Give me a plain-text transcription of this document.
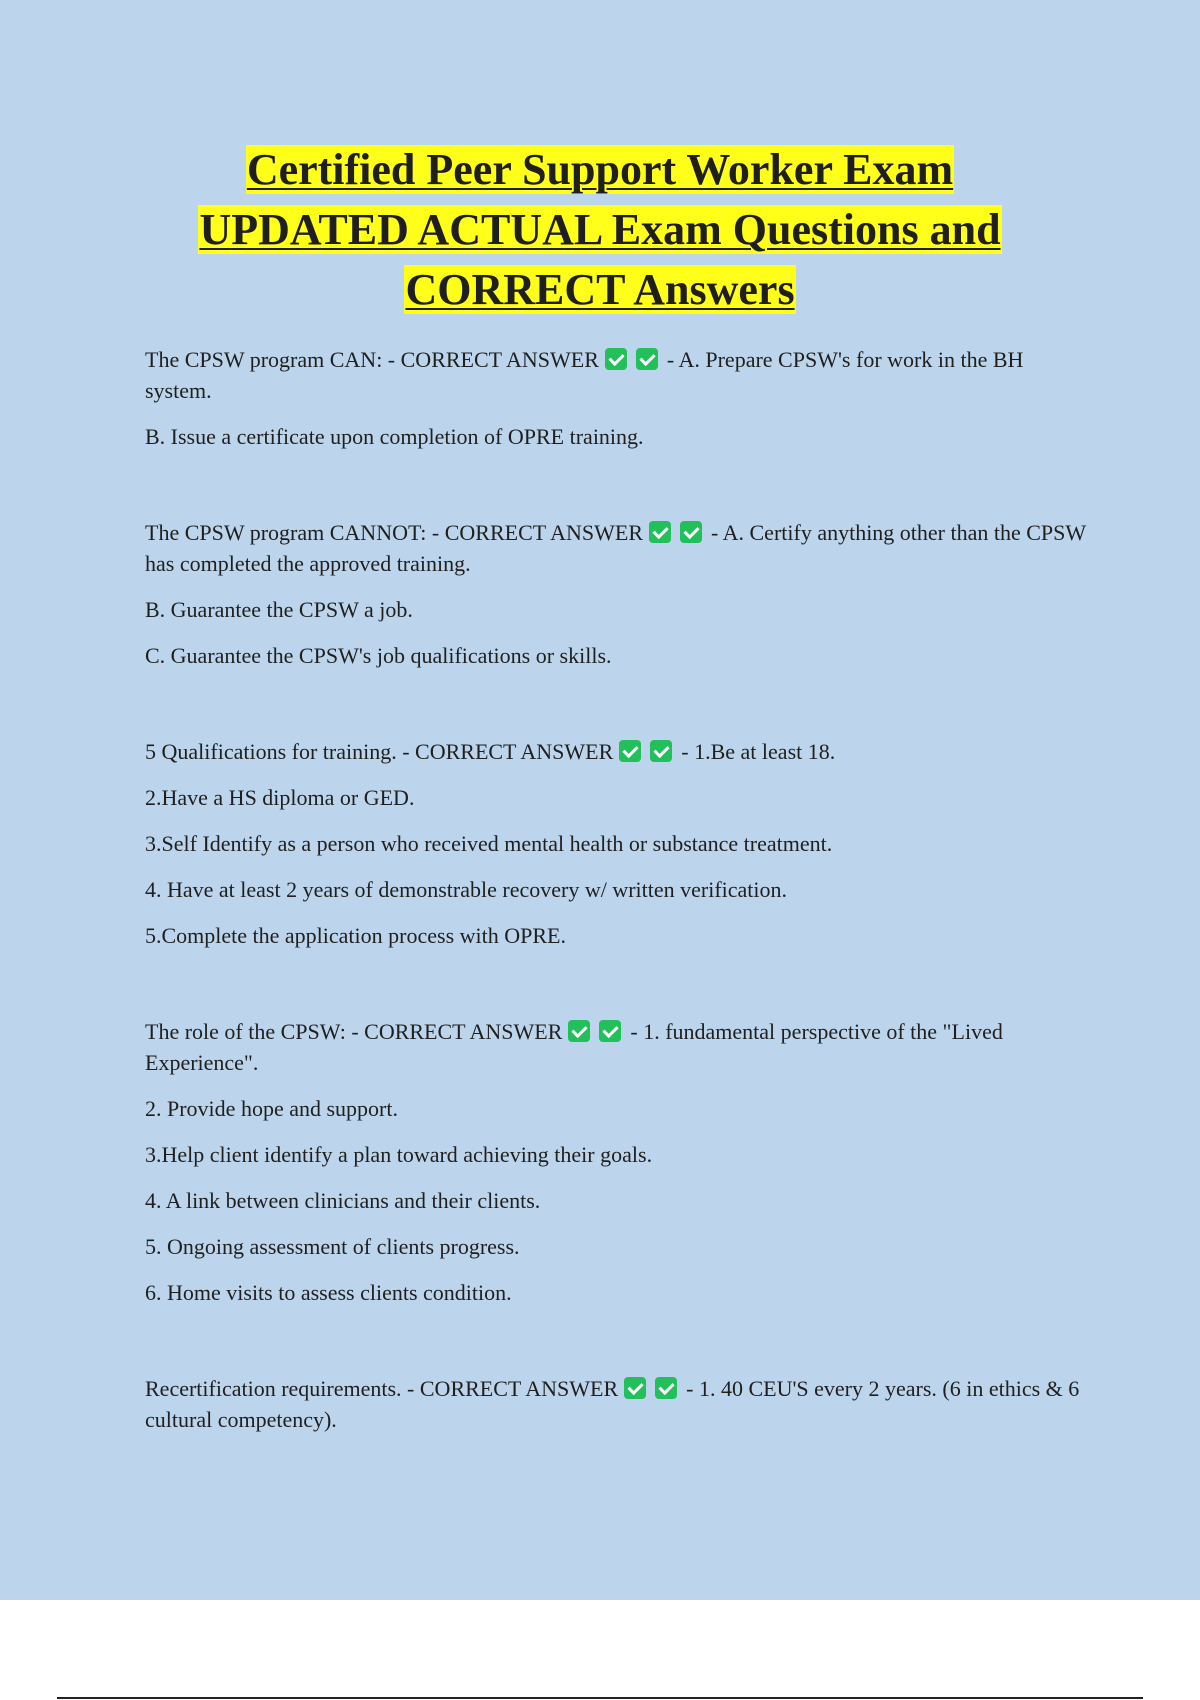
Certified Peer Support Worker Exam
UPDATED ACTUAL Exam Questions and
CORRECT Answers

The CPSW program CAN: - CORRECT ANSWER	- A. Prepare CPSW's for work in the BH system.

B. Issue a certificate upon completion of OPRE training.

The CPSW program CANNOT: - CORRECT ANSWER	- A. Certify anything other than the CPSW has completed the approved training.

B. Guarantee the CPSW a job.

C. Guarantee the CPSW's job qualifications or skills.

5 Qualifications for training. - CORRECT ANSWER	- 1.Be at least 18.

2.Have a HS diploma or GED.

3.Self Identify as a person who received mental health or substance treatment.

4. Have at least 2 years of demonstrable recovery w/ written verification.

5.Complete the application process with OPRE.

The role of the CPSW: - CORRECT ANSWER	- 1. fundamental perspective of the "Lived Experience".

2. Provide hope and support.

3.Help client identify a plan toward achieving their goals.

4. A link between clinicians and their clients.

5. Ongoing assessment of clients progress.

6. Home visits to assess clients condition.

Recertification requirements. - CORRECT ANSWER	- 1. 40 CEU'S every 2 years. (6 in ethics & 6 cultural competency).
